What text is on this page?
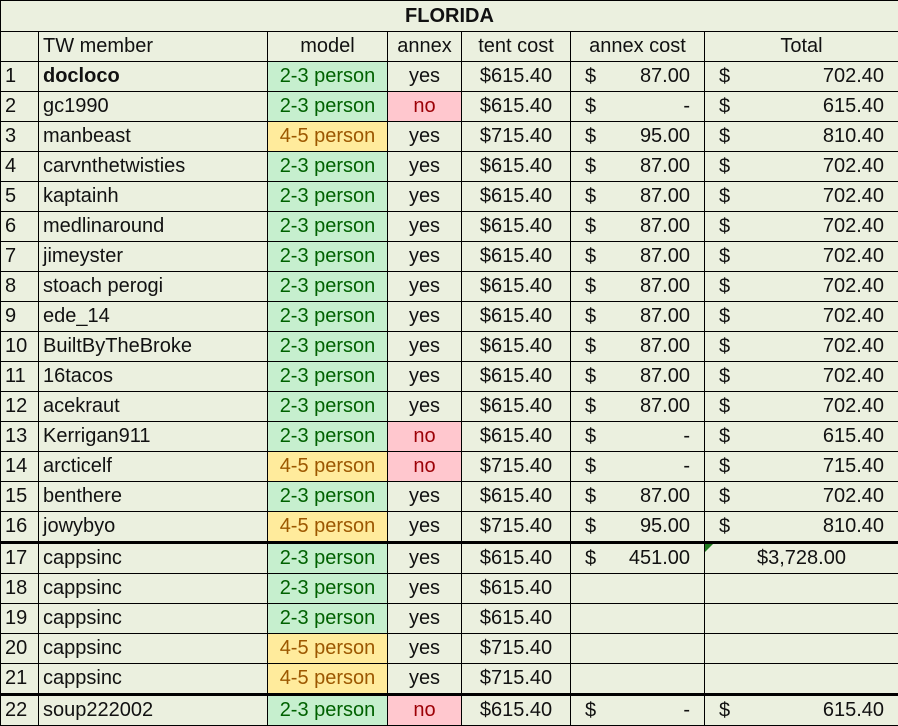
FLORIDA						
	TW member	model	annex	tent cost	annex cost	Total
1	docloco	2-3 person	yes	$615.40	$ 87.00	$ 702.40

2	gc1990	2-3 person	no	$615.40	$ -	$ 615.40

3	manbeast	4-5 person	yes	$715.40	$ 95.00	$ 810.40

4	carvnthetwisties	2-3 person	yes	$615.40	$ 87.00	$ 702.40

5	kaptainh	2-3 person	yes	$615.40	$ 87.00	$ 702.40

6	medlinaround	2-3 person	yes	$615.40	$ 87.00	$ 702.40

7	jimeyster	2-3 person	yes	$615.40	$ 87.00	$ 702.40

8	stoach perogi	2-3 person	yes	$615.40	$ 87.00	$ 702.40

9	ede_14	2-3 person	yes	$615.40	$ 87.00	$ 702.40

10	BuiltByTheBroke	2-3 person	yes	$615.40	$ 87.00	$ 702.40

11	16tacos	2-3 person	yes	$615.40	$ 87.00	$ 702.40

12	acekraut	2-3 person	yes	$615.40	$ 87.00	$ 702.40

13	Kerrigan911	2-3 person	no	$615.40	$ -	$ 615.40

14	arcticelf	4-5 person	no	$715.40	$ -	$ 715.40

15	benthere	2-3 person	yes	$615.40	$ 87.00	$ 702.40

16	jowybyo	4-5 person	yes	$715.40	$ 95.00	$ 810.40

17	cappsinc	2-3 person	yes	$615.40	$ 451.00	$3,728.00
18	cappsinc	2-3 person	yes	$615.40		
19	cappsinc	2-3 person	yes	$615.40		
20	cappsinc	4-5 person	yes	$715.40		
21	cappsinc	4-5 person	yes	$715.40		
22	soup222002	2-3 person	no	$615.40	$ -	$ 615.40
